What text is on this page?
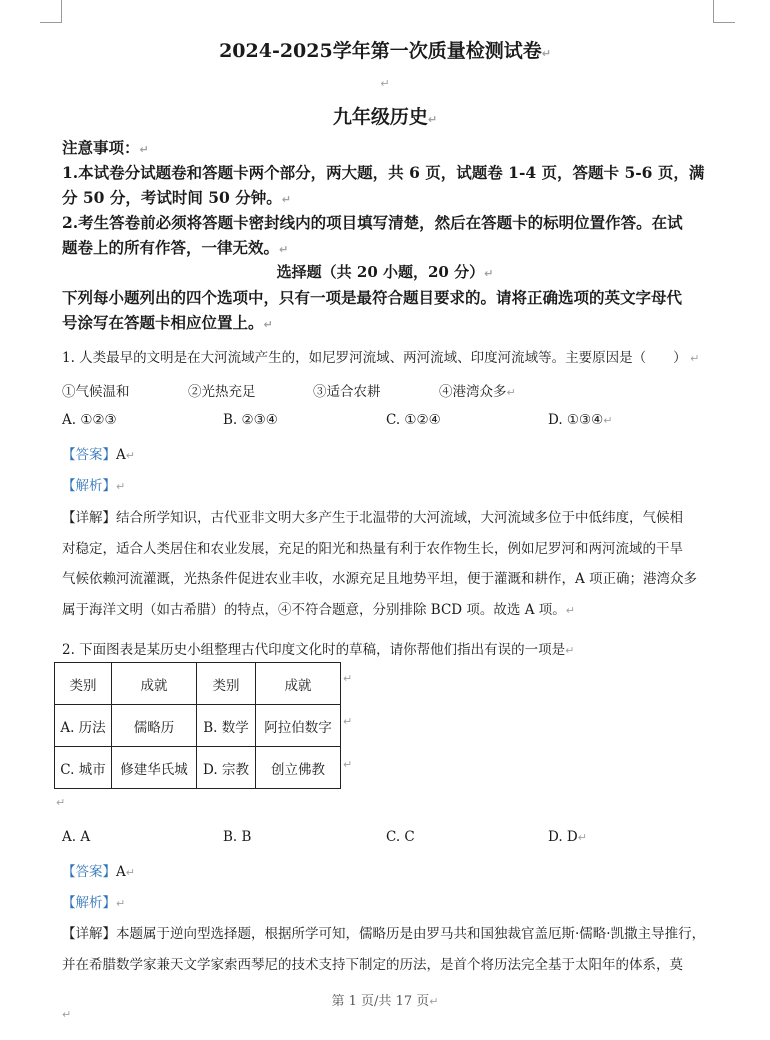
2024-2025学年第一次质量检测试卷↵
↵
九年级历史↵
注意事项：↵
1.本试卷分试题卷和答题卡两个部分，两大题，共 6 页，试题卷 1-4 页，答题卡 5-6 页，满
分 50 分，考试时间 50 分钟。↵
2.考生答卷前必须将答题卡密封线内的项目填写清楚，然后在答题卡的标明位置作答。在试
题卷上的所有作答，一律无效。↵
选择题（共 20 小题，20 分）↵
下列每小题列出的四个选项中，只有一项是最符合题目要求的。请将正确选项的英文字母代
号涂写在答题卡相应位置上。↵
1. 人类最早的文明是在大河流域产生的，如尼罗河流域、两河流域、印度河流域等。主要原因是（　　） ↵
①气候温和	②光热充足	③适合农耕	④港湾众多↵
A. ①②③	B. ②③④	C. ①②④	D. ①③④↵
【答案】A↵
【解析】↵
【详解】结合所学知识，古代亚非文明大多产生于北温带的大河流域，大河流域多位于中低纬度，气候相
对稳定，适合人类居住和农业发展，充足的阳光和热量有利于农作物生长，例如尼罗河和两河流域的干旱
气候依赖河流灌溉，光热条件促进农业丰收，水源充足且地势平坦，便于灌溉和耕作，A 项正确；港湾众多
属于海洋文明（如古希腊）的特点，④不符合题意，分别排除 BCD 项。故选 A 项。↵
2. 下面图表是某历史小组整理古代印度文化时的草稿，请你帮他们指出有误的一项是↵
类别	成就	类别	成就
A. 历法	儒略历	B. 数学	阿拉伯数字
C. 城市	修建华氏城	D. 宗教	创立佛教
↵
↵
↵
↵
A. A	B. B	C. C	D. D↵
【答案】A↵
【解析】↵
【详解】本题属于逆向型选择题，根据所学可知，儒略历是由罗马共和国独裁官盖厄斯·儒略·凯撒主导推行，
并在希腊数学家兼天文学家索西琴尼的技术支持下制定的历法，是首个将历法完全基于太阳年的体系，莫
第 1 页/共 17 页↵
↵
